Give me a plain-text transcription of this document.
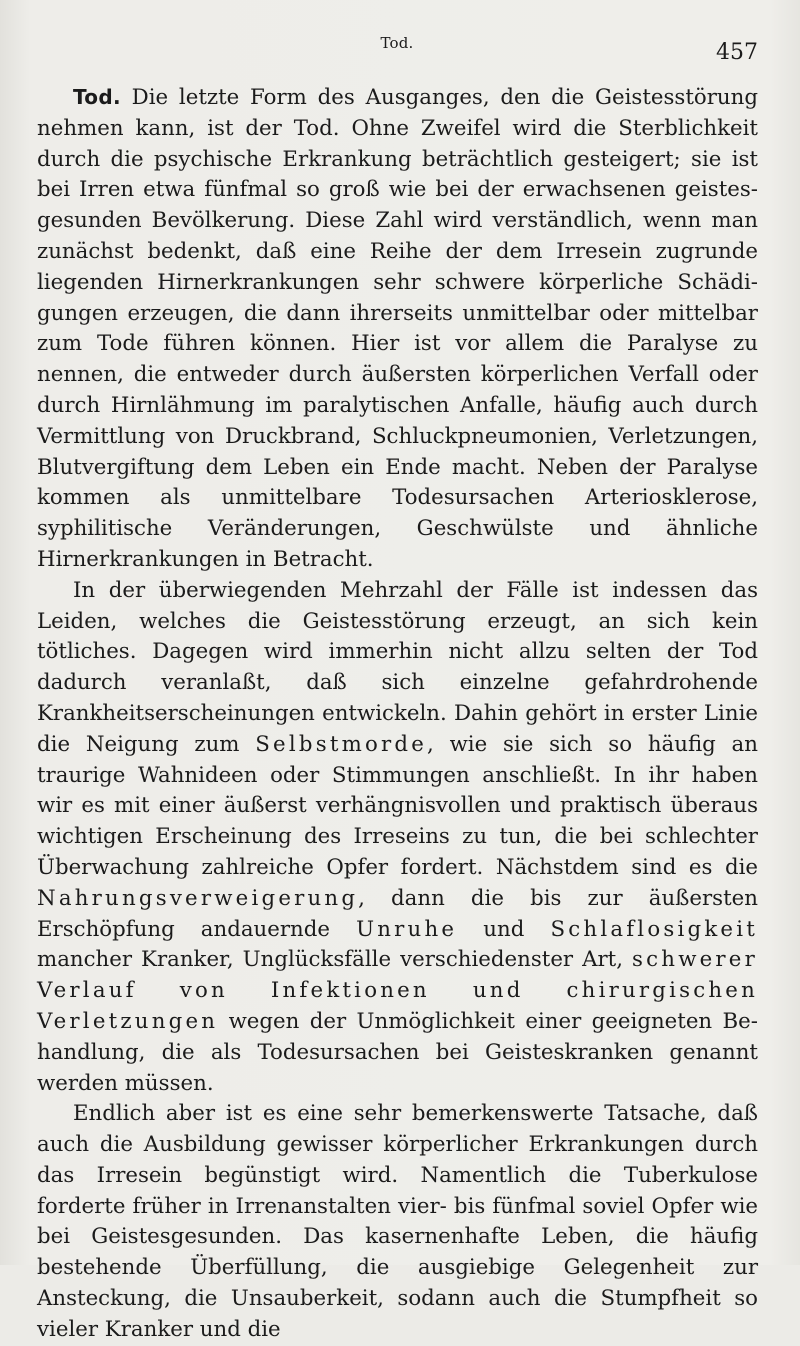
Tod.	457

Tod. Die letzte Form des Ausganges, den die Geistesstörung nehmen kann, ist der Tod. Ohne Zweifel wird die Sterblichkeit durch die psychische Erkrankung beträchtlich gesteigert; sie ist bei Irren etwa fünfmal so groß wie bei der erwachsenen geistesgesunden Bevölkerung. Diese Zahl wird verständlich, wenn man zunächst bedenkt, daß eine Reihe der dem Irresein zugrunde liegenden Hirnerkrankungen sehr schwere körperliche Schädigungen erzeugen, die dann ihrerseits unmittelbar oder mittelbar zum Tode führen können. Hier ist vor allem die Paralyse zu nennen, die entweder durch äußersten körperlichen Verfall oder durch Hirnlähmung im paralytischen Anfalle, häufig auch durch Vermittlung von Druckbrand, Schluckpneumonien, Verletzungen, Blutvergiftung dem Leben ein Ende macht. Neben der Paralyse kommen als unmittelbare Todesursachen Arteriosklerose, syphilitische Veränderungen, Geschwülste und ähnliche Hirnerkrankungen in Betracht.

In der überwiegenden Mehrzahl der Fälle ist indessen das Leiden, welches die Geistesstörung erzeugt, an sich kein tötliches. Dagegen wird immerhin nicht allzu selten der Tod dadurch veranlaßt, daß sich einzelne gefahrdrohende Krankheitserscheinungen entwickeln. Dahin gehört in erster Linie die Neigung zum Selbstmorde, wie sie sich so häufig an traurige Wahnideen oder Stimmungen anschließt. In ihr haben wir es mit einer äußerst verhängnisvollen und praktisch überaus wichtigen Erscheinung des Irreseins zu tun, die bei schlechter Überwachung zahlreiche Opfer fordert. Nächstdem sind es die Nahrungsverweigerung, dann die bis zur äußersten Erschöpfung andauernde Unruhe und Schlaflosigkeit mancher Kranker, Unglücksfälle verschiedenster Art, schwerer Verlauf von Infektionen und chirurgischen Verletzungen wegen der Unmöglichkeit einer geeigneten Behandlung, die als Todesursachen bei Geisteskranken genannt werden müssen.

Endlich aber ist es eine sehr bemerkenswerte Tatsache, daß auch die Ausbildung gewisser körperlicher Erkrankungen durch das Irresein begünstigt wird. Namentlich die Tuberkulose forderte früher in Irrenanstalten vier- bis fünfmal soviel Opfer wie bei Geistesgesunden. Das kasernenhafte Leben, die häufig bestehende Überfüllung, die ausgiebige Gelegenheit zur Ansteckung, die Unsauberkeit, sodann auch die Stumpfheit so vieler Kranker und die
